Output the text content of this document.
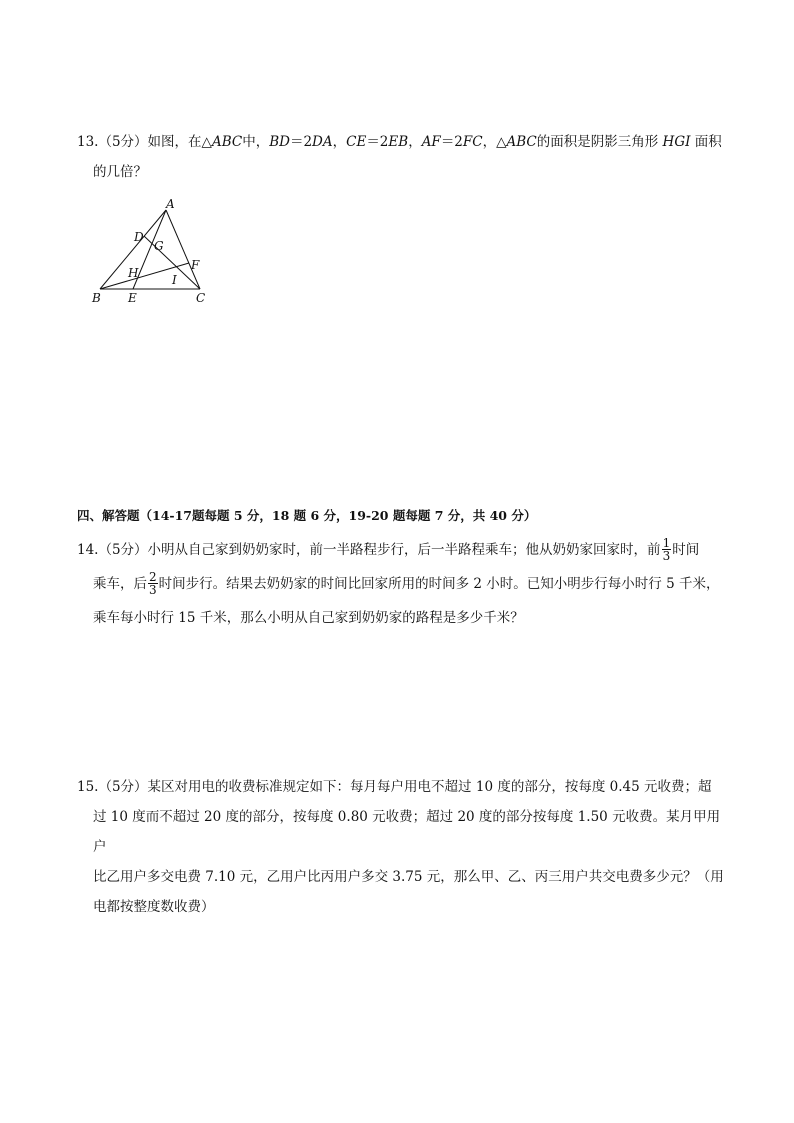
13.（5分）如图，在△ABC中，BD＝2DA，CE＝2EB，AF＝2FC，△ABC的面积是阴影三角形 HGI 面积

的几倍？

A
B	C
D
E
F
G
H	I
四、解答题（14-17题每题 5 分，18 题 6 分，19-20 题每题 7 分，共 40 分）

14.（5分）小明从自己家到奶奶家时，前一半路程步行，后一半路程乘车；他从奶奶家回家时，前 $\frac{1}{3}$ 时间

乘车，后 $\frac{2}{3}$ 时间步行。结果去奶奶家的时间比回家所用的时间多 2 小时。已知小明步行每小时行 5 千米，

乘车每小时行 15 千米，那么小明从自己家到奶奶家的路程是多少千米？

15.（5分）某区对用电的收费标准规定如下：每月每户用电不超过 10 度的部分，按每度 0.45 元收费；超

过 10 度而不超过 20 度的部分，按每度 0.80 元收费；超过 20 度的部分按每度 1.50 元收费。某月甲用户

比乙用户多交电费 7.10 元，乙用户比丙用户多交 3.75 元，那么甲、乙、丙三用户共交电费多少元？（用

电都按整度数收费）
